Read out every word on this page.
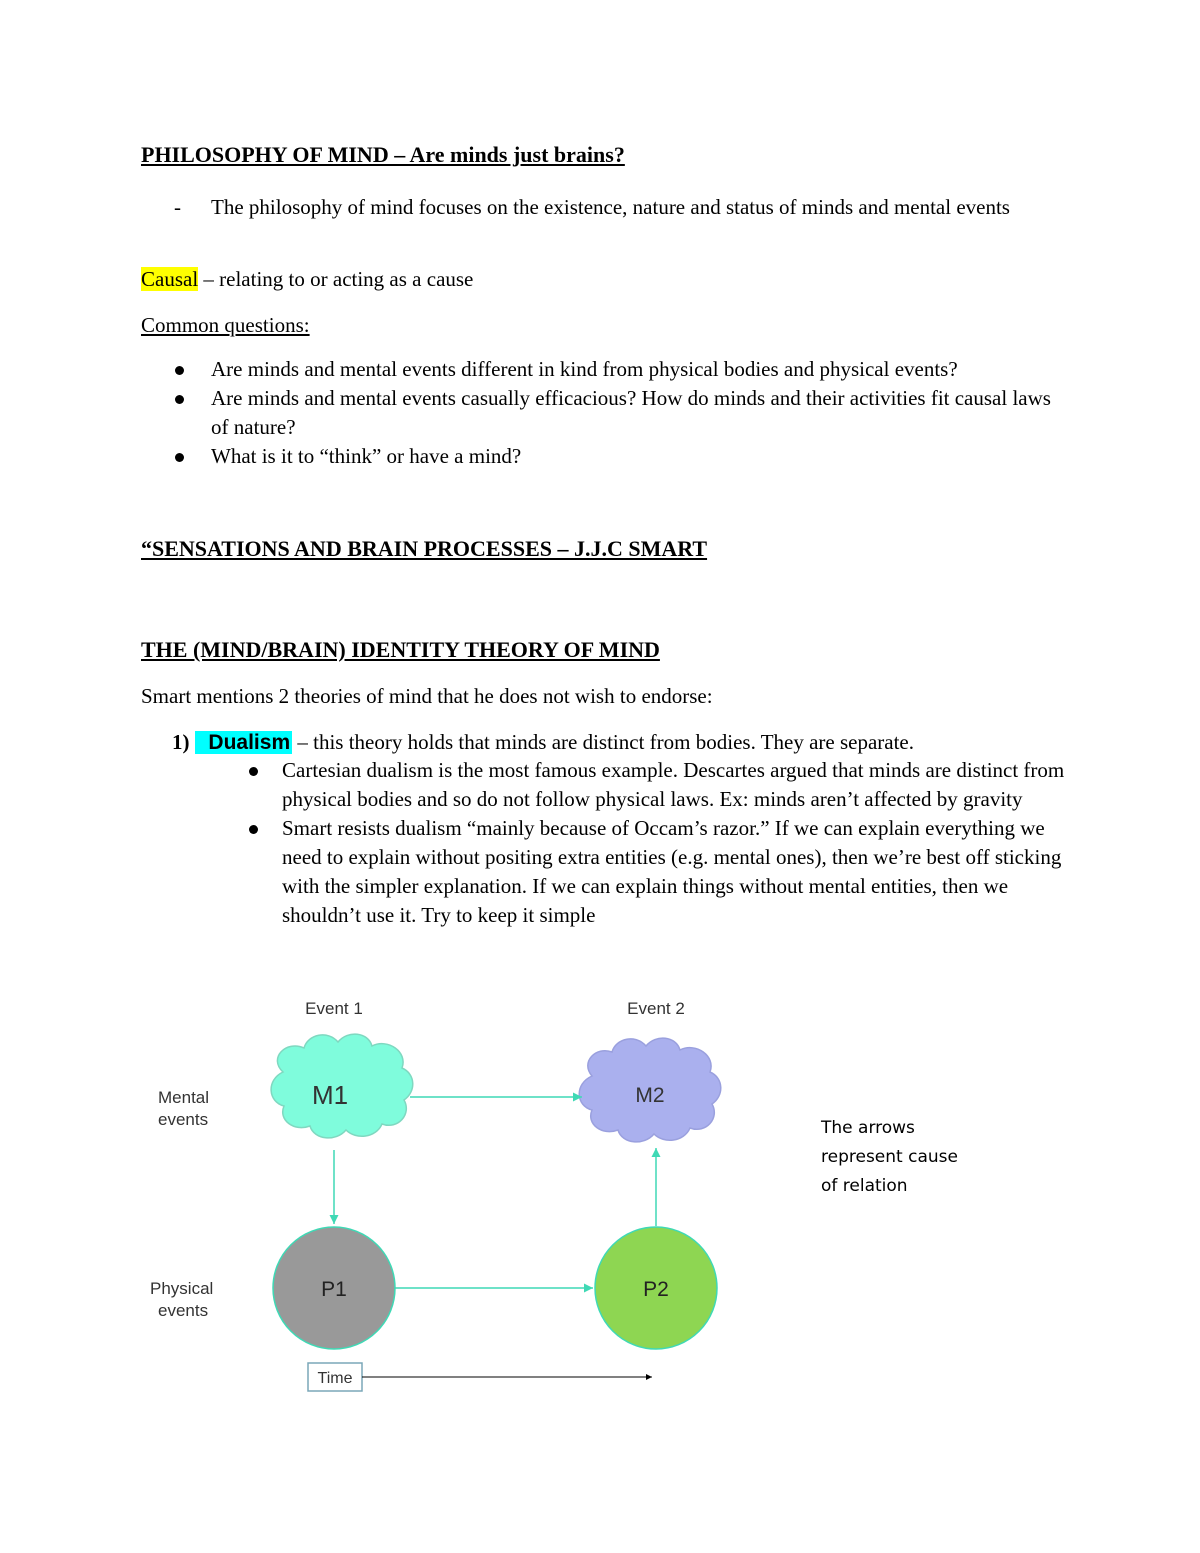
PHILOSOPHY OF MIND – Are minds just brains?
- The philosophy of mind focuses on the existence, nature and status of minds and mental events
Causal – relating to or acting as a cause
Common questions:
Are minds and mental events different in kind from physical bodies and physical events?
Are minds and mental events casually efficacious? How do minds and their activities fit causal laws of nature?
What is it to “think” or have a mind?
“SENSATIONS AND BRAIN PROCESSES – J.J.C SMART
THE (MIND/BRAIN) IDENTITY THEORY OF MIND
Smart mentions 2 theories of mind that he does not wish to endorse:
1) Dualism – this theory holds that minds are distinct from bodies. They are separate.
Cartesian dualism is the most famous example. Descartes argued that minds are distinct from physical bodies and so do not follow physical laws. Ex: minds aren’t affected by gravity
Smart resists dualism “mainly because of Occam’s razor.” If we can explain everything we need to explain without positing extra entities (e.g. mental ones), then we’re best off sticking with the simpler explanation. If we can explain things without mental entities, then we shouldn’t use it. Try to keep it simple
Event 1	Event 2
Mental
events
Physical
events
M1	M2
P1	P2
Time
The arrows
represent cause
of relation
